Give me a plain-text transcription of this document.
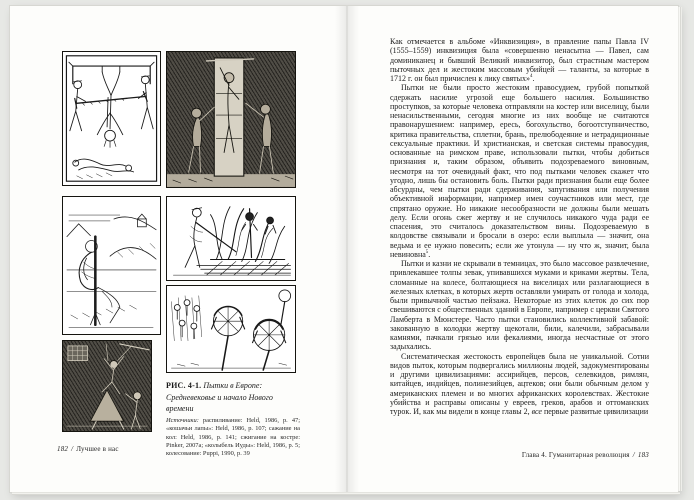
РИС. 4-1. Пытки в Европе:
Средневековье и начало Нового времени
Источники: распиливание: Held, 1986, p. 47; «кошачьи лапы»: Held, 1986, p. 107; сажание на кол: Held, 1986, p. 141; сжигание на костре: Pinker, 2007a; «колыбель Иуды»: Held, 1986, p. 5; колесование: Puppi, 1990, p. 39
182 / Лучшее в нас

Как отмечается в альбоме «Инквизиция», в правление папы Павла IV (1555–1559) инквизиция была «совершенно ненасытна — Павел, сам доминиканец и бывший Великий инквизитор, был страстным мастером пыточных дел и жестоким массовым убийцей — таланты, за которые в 1712 г. он был причислен к лику святых»$^4$.

Пытки не были просто жестоким правосудием, грубой попыткой сдержать насилие угрозой еще большего насилия. Большинство проступков, за которые человека отправляли на костер или виселицу, были ненасильственными, сегодня многие из них вообще не считаются правонарушением: например, ересь, богохульство, богоотступничество, критика правительства, сплетни, брань, прелюбодеяние и нетрадиционные сексуальные практики. И христианская, и светская системы правосудия, основанные на римском праве, использовали пытки, чтобы добиться признания и, таким образом, объявить подозреваемого виновным, несмотря на тот очевидный факт, что под пытками человек скажет что угодно, лишь бы остановить боль. Пытки ради признания были еще более абсурдны, чем пытки ради сдерживания, запугивания или получения объективной информации, например имен соучастников или мест, где спрятано оружие. Но никакие несообразности не должны были мешать делу. Если огонь сжег жертву и не случилось никакого чуда ради ее спасения, это считалось доказательством вины. Подозреваемую в колдовстве связывали и бросали в озеро: если выплыла — значит, она ведьма и ее нужно повесить; если же утонула — ну что ж, значит, была невиновна$^5$.

Пытки и казни не скрывали в темницах, это было массовое развлечение, привлекавшее толпы зевак, упивавшихся муками и криками жертвы. Тела, сломанные на колесе, болтающиеся на виселицах или разлагающиеся в железных клетках, в которых жертв оставляли умирать от голода и холода, были привычной частью пейзажа. Некоторые из этих клеток до сих пор свешиваются с общественных зданий в Европе, например с церкви Святого Ламберта в Мюнстере. Часто пытки становились коллективной забавой: закованную в колодки жертву щекотали, били, калечили, забрасывали камнями, пачкали грязью или фекалиями, иногда несчастные от этого задыхались.

Систематическая жестокость европейцев была не уникальной. Сотни видов пыток, которым подвергались миллионы людей, задокументированы и другими цивилизациями: ассирийцев, персов, селевкидов, римлян, китайцев, индийцев, полинезийцев, ацтеков; они были обычным делом у американских племен и во многих африканских королевствах. Жестокие убийства и расправы описаны у евреев, греков, арабов и оттоманских турок. И, как мы видели в конце главы 2, все первые развитые цивилизации

Глава 4. Гуманитарная революция / 183
